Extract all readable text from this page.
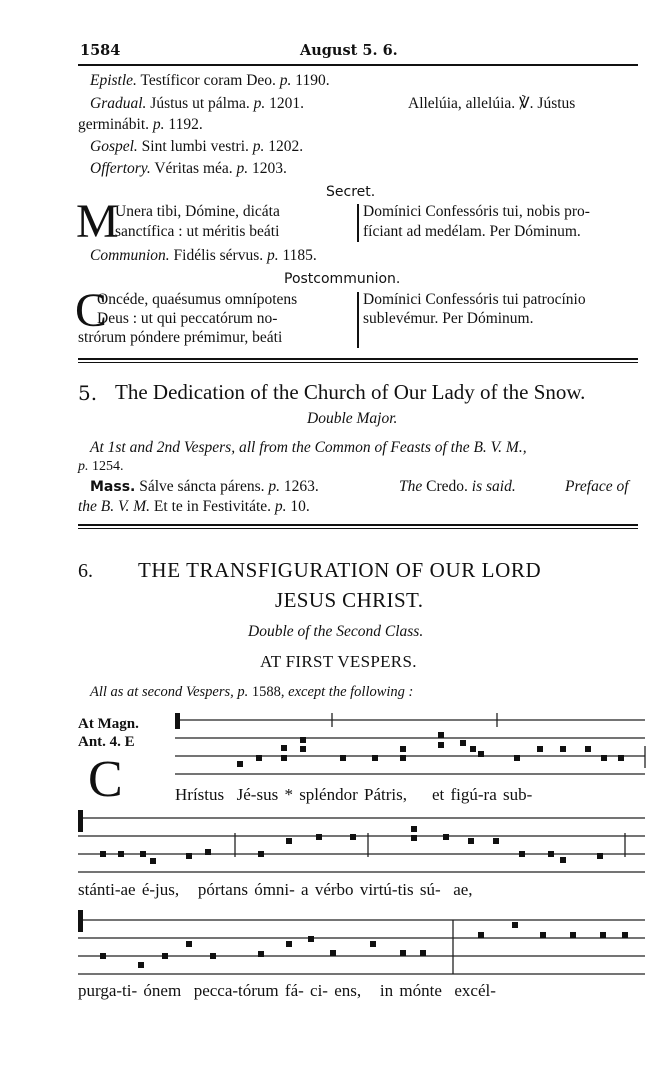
1584	August 5. 6.
Epistle. Testíficor coram Deo. p. 1190.
Gradual. Jústus ut pálma. p. 1201.	Allelúia, allelúia. ℣. Jústus
germinábit. p. 1192.
Gospel. Sint lumbi vestri. p. 1202.
Offertory. Véritas méa. p. 1203.
Secret.
M
Unera tibi, Dómine, dicáta
sanctífica : ut méritis beáti
Domínici Confessóris tui, nobis pro-
fíciant ad medélam. Per Dóminum.
Communion. Fidélis sérvus. p. 1185.
Postcommunion.
C
Oncéde, quaésumus omnípotens
Deus : ut qui peccatórum no-
strórum póndere prémimur, beáti
Domínici Confessóris tui patrocínio
sublevémur. Per Dóminum.
5. The Dedication of the Church of Our Lady of the Snow.
Double Major.
At 1st and 2nd Vespers, all from the Common of Feasts of the B. V. M.,
p. 1254.
Mass. Sálve sáncta párens. p. 1263.	The Credo. is said.	Preface of
the B. V. M. Et te in Festivitáte. p. 10.
6. THE TRANSFIGURATION OF OUR LORD
JESUS CHRIST.
Double of the Second Class.
AT FIRST VESPERS.
All as at second Vespers, p. 1588, except the following :
At Magn.
Ant. 4. E
C	Hrístus Jé-sus * spléndor Pátris, et figú-ra sub-
stánti-ae é-jus, pórtans ómni- a vérbo virtú-tis sú- ae,
purga-ti- ónem pecca-tórum fá- ci- ens, in mónte excél-
